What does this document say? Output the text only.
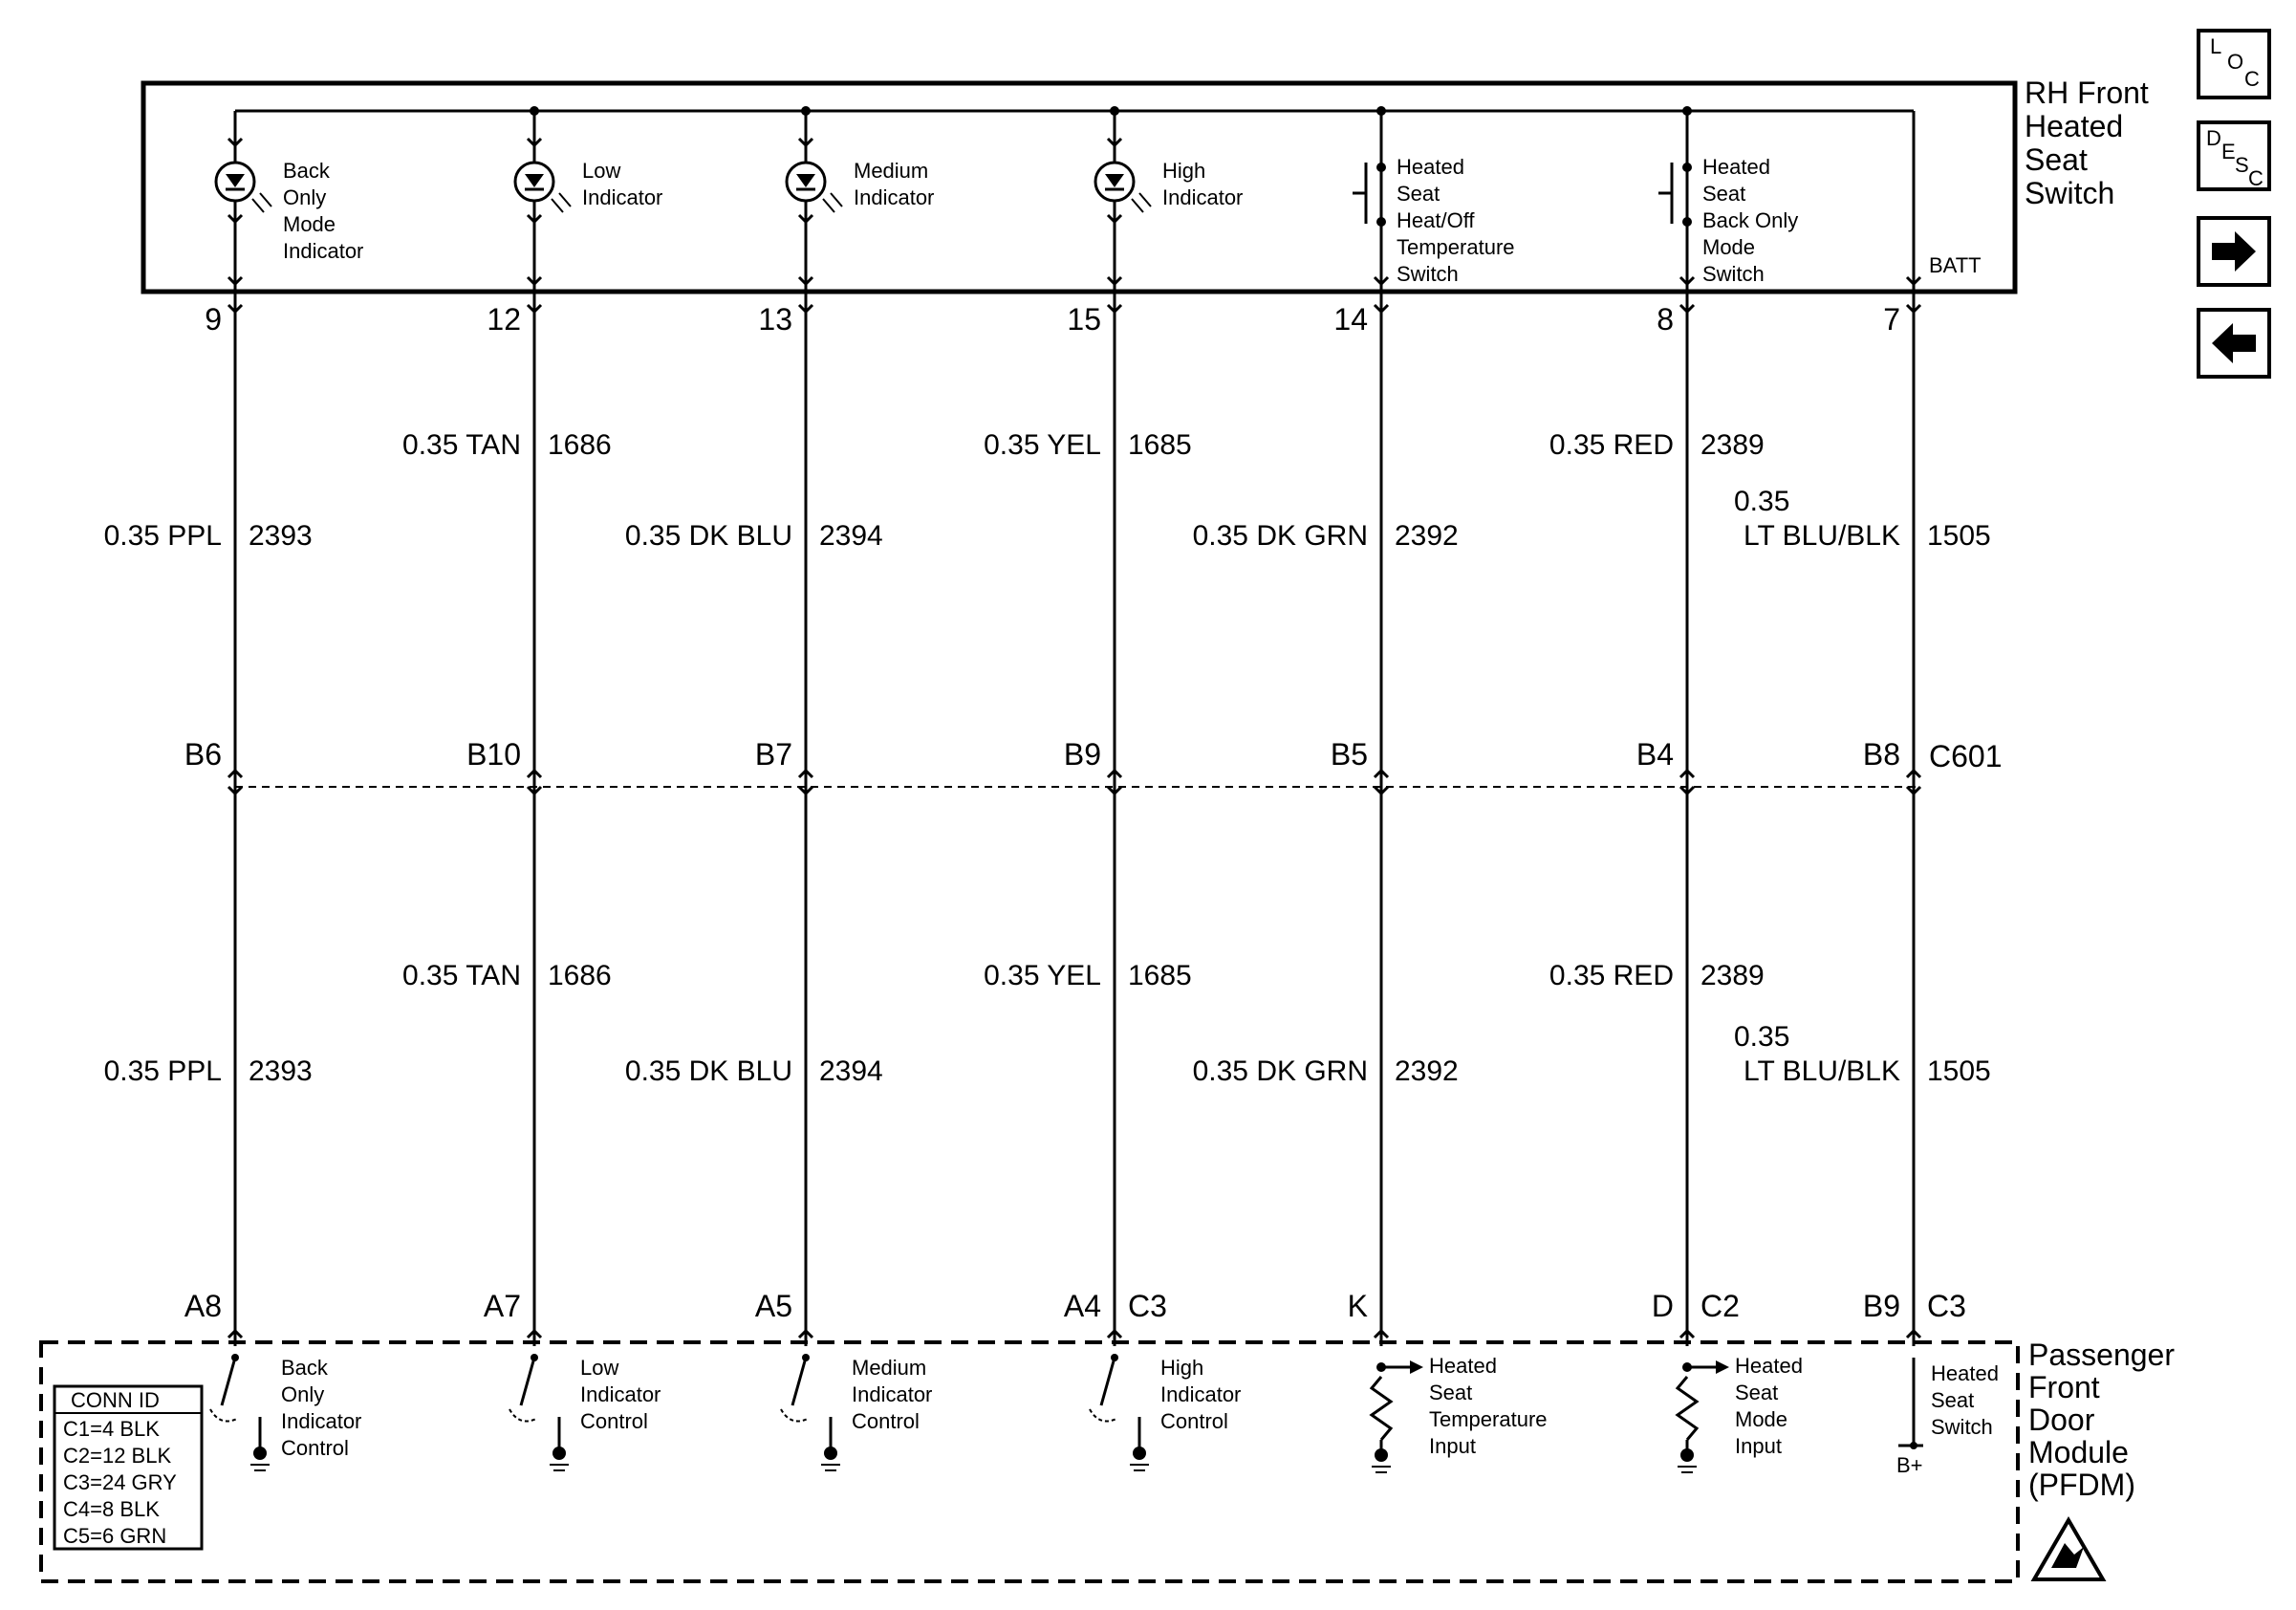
9
B6
A8
0.35 PPL
0.35 PPL
2393
2393
Back
Only
Mode
Indicator
Back
Only
Indicator
Control
12
B10
A7
0.35 TAN
0.35 TAN
1686
1686
Low
Indicator
Low
Indicator
Control
13
B7
A5
0.35 DK BLU
0.35 DK BLU
2394
2394
Medium
Indicator
Medium
Indicator
Control
15
B9
A4 C3
0.35 YEL
0.35 YEL
1685
1685
High
Indicator
High
Indicator
Control
14
B5
K
0.35 DK GRN
0.35 DK GRN
2392
2392
Heated
Seat
Heat/Off
Temperature
Switch
Heated
Seat
Temperature
Input
8
B4
D C2
0.35 RED
0.35 RED
2389
2389
Heated
Seat
Back Only
Mode
Switch
Heated
Seat
Mode
Input
7
B8
B9 C3
0.35
LT BLU/BLK
0.35
LT BLU/BLK
1505
1505
Heated
Seat
Switch
RH Front
Heated
Seat
Switch
Passenger
Front
Door
Module
(PFDM)
C601
BATT
CONN ID
C1=4 BLK
C2=12 BLK
C3=24 GRY
C4=8 BLK
C5=6 GRN
L
O
C
D
E
S
C
B+
